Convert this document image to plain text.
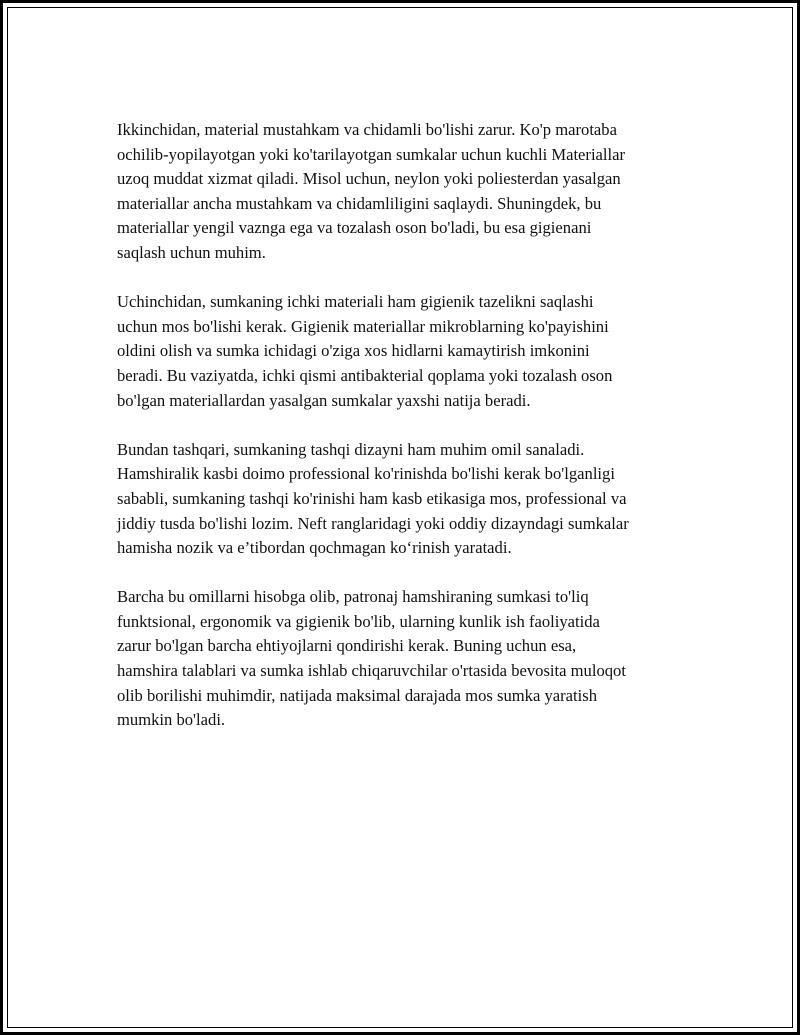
Ikkinchidan, material mustahkam va chidamli bo'lishi zarur. Ko'p marotaba
ochilib-yopilayotgan yoki ko'tarilayotgan sumkalar uchun kuchli Materiallar
uzoq muddat xizmat qiladi. Misol uchun, neylon yoki poliesterdan yasalgan
materiallar ancha mustahkam va chidamliligini saqlaydi. Shuningdek, bu
materiallar yengil vaznga ega va tozalash oson bo'ladi, bu esa gigienani
saqlash uchun muhim.

Uchinchidan, sumkaning ichki materiali ham gigienik tazelikni saqlashi
uchun mos bo'lishi kerak. Gigienik materiallar mikroblarning ko'payishini
oldini olish va sumka ichidagi o'ziga xos hidlarni kamaytirish imkonini
beradi. Bu vaziyatda, ichki qismi antibakterial qoplama yoki tozalash oson
bo'lgan materiallardan yasalgan sumkalar yaxshi natija beradi.

Bundan tashqari, sumkaning tashqi dizayni ham muhim omil sanaladi.
Hamshiralik kasbi doimo professional ko'rinishda bo'lishi kerak bo'lganligi
sababli, sumkaning tashqi ko'rinishi ham kasb etikasiga mos, professional va
jiddiy tusda bo'lishi lozim. Neft ranglaridagi yoki oddiy dizayndagi sumkalar
hamisha nozik va e’tibordan qochmagan ko‘rinish yaratadi.

Barcha bu omillarni hisobga olib, patronaj hamshiraning sumkasi to'liq
funktsional, ergonomik va gigienik bo'lib, ularning kunlik ish faoliyatida
zarur bo'lgan barcha ehtiyojlarni qondirishi kerak. Buning uchun esa,
hamshira talablari va sumka ishlab chiqaruvchilar o'rtasida bevosita muloqot
olib borilishi muhimdir, natijada maksimal darajada mos sumka yaratish
mumkin bo'ladi.
